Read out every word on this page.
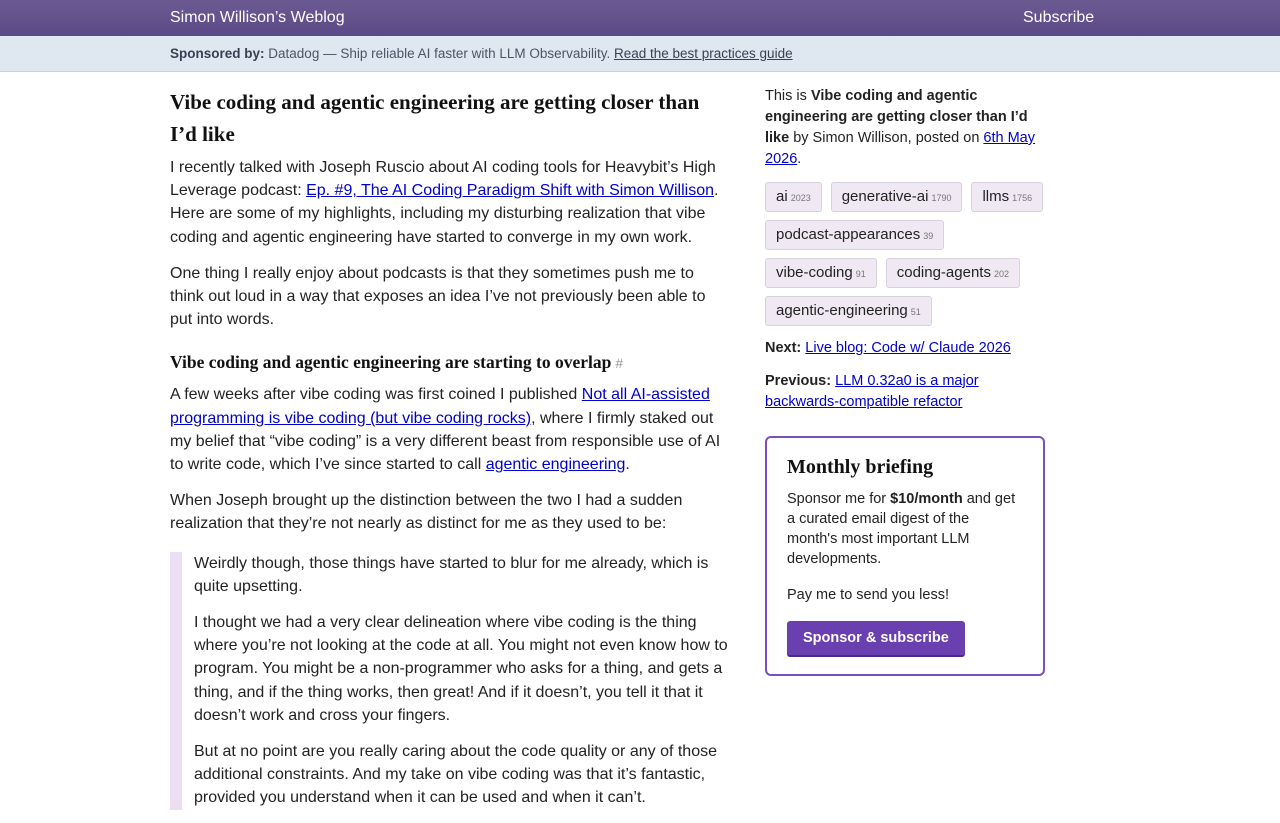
Simon Willison’s Weblog	Subscribe
Sponsored by: Datadog — Ship reliable AI faster with LLM Observability. Read the best practices guide
Vibe coding and agentic engineering are getting closer than I’d like

I recently talked with Joseph Ruscio about AI coding tools for Heavybit’s High Leverage podcast: Ep. #9, The AI Coding Paradigm Shift with Simon Willison. Here are some of my highlights, including my disturbing realization that vibe coding and agentic engineering have started to converge in my own work.

One thing I really enjoy about podcasts is that they sometimes push me to think out loud in a way that exposes an idea I’ve not previously been able to put into words.

Vibe coding and agentic engineering are starting to overlap #

A few weeks after vibe coding was first coined I published Not all AI-assisted programming is vibe coding (but vibe coding rocks), where I firmly staked out my belief that “vibe coding” is a very different beast from responsible use of AI to write code, which I’ve since started to call agentic engineering.

When Joseph brought up the distinction between the two I had a sudden realization that they’re not nearly as distinct for me as they used to be:

Weirdly though, those things have started to blur for me already, which is quite upsetting.

I thought we had a very clear delineation where vibe coding is the thing where you’re not looking at the code at all. You might not even know how to program. You might be a non-programmer who asks for a thing, and gets a thing, and if the thing works, then great! And if it doesn’t, you tell it that it doesn’t work and cross your fingers.

But at no point are you really caring about the code quality or any of those additional constraints. And my take on vibe coding was that it’s fantastic, provided you understand when it can be used and when it can’t.

This is Vibe coding and agentic engineering are getting closer than I’d like by Simon Willison, posted on 6th May 2026.
ai 2023	generative-ai 1790	llms 1756
podcast-appearances 39
vibe-coding 91	coding-agents 202
agentic-engineering 51
Next: Live blog: Code w/ Claude 2026
Previous: LLM 0.32a0 is a major backwards-compatible refactor
Monthly briefing

Sponsor me for $10/month and get a curated email digest of the month's most important LLM developments.

Pay me to send you less!

Sponsor & subscribe
